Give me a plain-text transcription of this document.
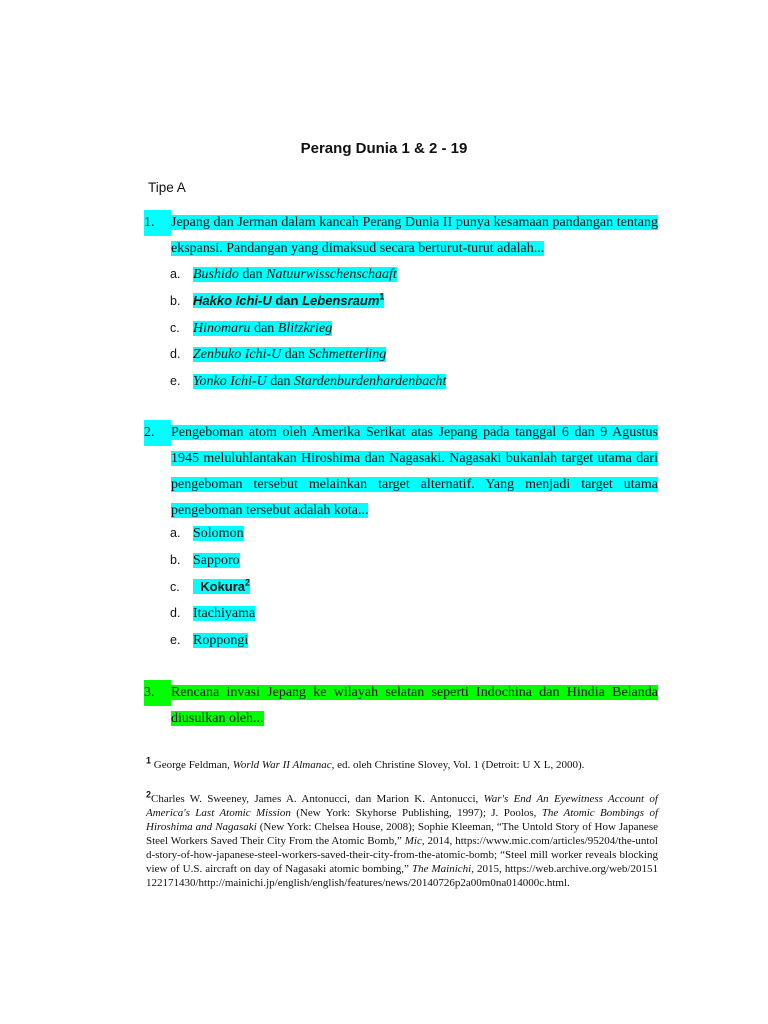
Perang Dunia 1 & 2 - 19
Tipe A
1.	Jepang dan Jerman dalam kancah Perang Dunia II punya kesamaan pandangan tentang ekspansi. Pandangan yang dimaksud secara berturut-turut adalah...
a. Bushido dan Natuurwisschenschaaft
b. Hakko Ichi-U dan Lebensraum$^1$
c. Hinomaru dan Blitzkrieg
d. Zenbuko Ichi-U dan Schmetterling
e. Yonko Ichi-U dan Stardenburdenhardenbacht
2.	Pengeboman atom oleh Amerika Serikat atas Jepang pada tanggal 6 dan 9 Agustus 1945 meluluhlantakan Hiroshima dan Nagasaki. Nagasaki bukanlah target utama dari pengeboman tersebut melainkan target alternatif. Yang menjadi target utama pengeboman tersebut adalah kota...
a. Solomon
b. Sapporo
c. Kokura$^2$
d. Itachiyama
e. Roppongi
3.	Rencana invasi Jepang ke wilayah selatan seperti Indochina dan Hindia Belanda diusulkan oleh...
$^1$ George Feldman, World War II Almanac, ed. oleh Christine Slovey, Vol. 1 (Detroit: U X L, 2000).
$^2$Charles W. Sweeney, James A. Antonucci, dan Marion K. Antonucci, War's End An Eyewitness Account of America's Last Atomic Mission (New York: Skyhorse Publishing, 1997); J. Poolos, The Atomic Bombings of Hiroshima and Nagasaki (New York: Chelsea House, 2008); Sophie Kleeman, “The Untold Story of How Japanese Steel Workers Saved Their City From the Atomic Bomb,” Mic, 2014, https://www.mic.com/articles/95204/the-untold-story-of-how-japanese-steel-workers-saved-their-city-from-the-atomic-bomb; “Steel mill worker reveals blocking view of U.S. aircraft on day of Nagasaki atomic bombing,” The Mainichi, 2015, https://web.archive.org/web/20151122171430/http://mainichi.jp/english/english/features/news/20140726p2a00m0na014000c.html.
